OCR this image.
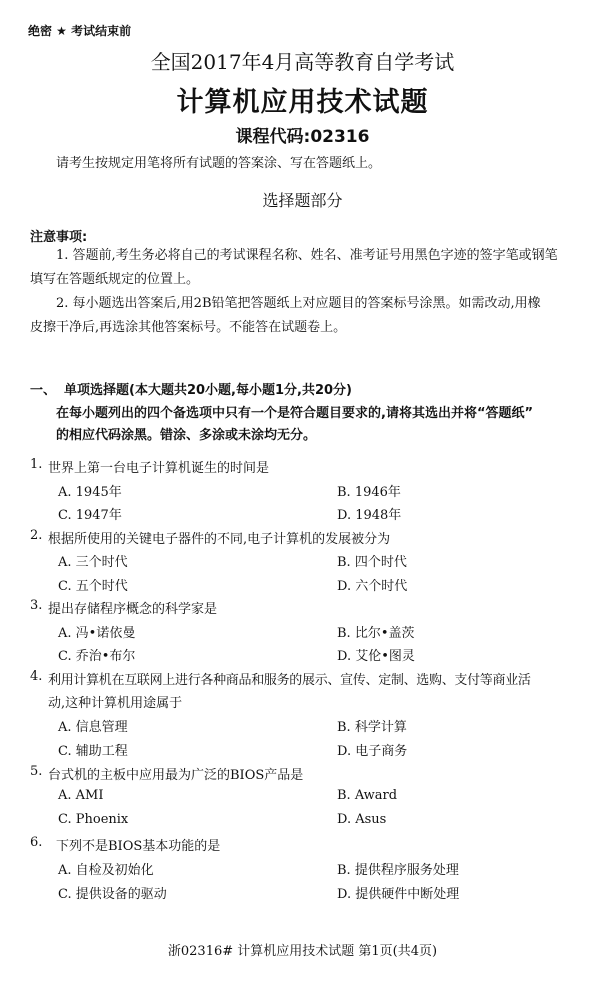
绝密 ★ 考试结束前
全国2017年4月高等教育自学考试
计算机应用技术试题
课程代码:02316
请考生按规定用笔将所有试题的答案涂、写在答题纸上。
选择题部分
注意事项:
1. 答题前,考生务必将自己的考试课程名称、姓名、准考证号用黑色字迹的签字笔或钢笔
填写在答题纸规定的位置上。
2. 每小题选出答案后,用2B铅笔把答题纸上对应题目的答案标号涂黑。如需改动,用橡
皮擦干净后,再选涂其他答案标号。不能答在试题卷上。
一、 单项选择题(本大题共20小题,每小题1分,共20分)
在每小题列出的四个备选项中只有一个是符合题目要求的,请将其选出并将“答题纸”
的相应代码涂黑。错涂、多涂或未涂均无分。
1. 世界上第一台电子计算机诞生的时间是
A. 1945年	B. 1946年
C. 1947年	D. 1948年
2. 根据所使用的关键电子器件的不同,电子计算机的发展被分为
A. 三个时代	B. 四个时代
C. 五个时代	D. 六个时代
3. 提出存储程序概念的科学家是
A. 冯•诺依曼	B. 比尔•盖茨
C. 乔治•布尔	D. 艾伦•图灵
4. 利用计算机在互联网上进行各种商品和服务的展示、宣传、定制、选购、支付等商业活
动,这种计算机用途属于
A. 信息管理	B. 科学计算
C. 辅助工程	D. 电子商务
5. 台式机的主板中应用最为广泛的BIOS产品是
A. AMI	B. Award
C. Phoenix	D. Asus
6. 下列不是BIOS基本功能的是
A. 自检及初始化	B. 提供程序服务处理
C. 提供设备的驱动	D. 提供硬件中断处理
浙02316# 计算机应用技术试题 第1页(共4页)
